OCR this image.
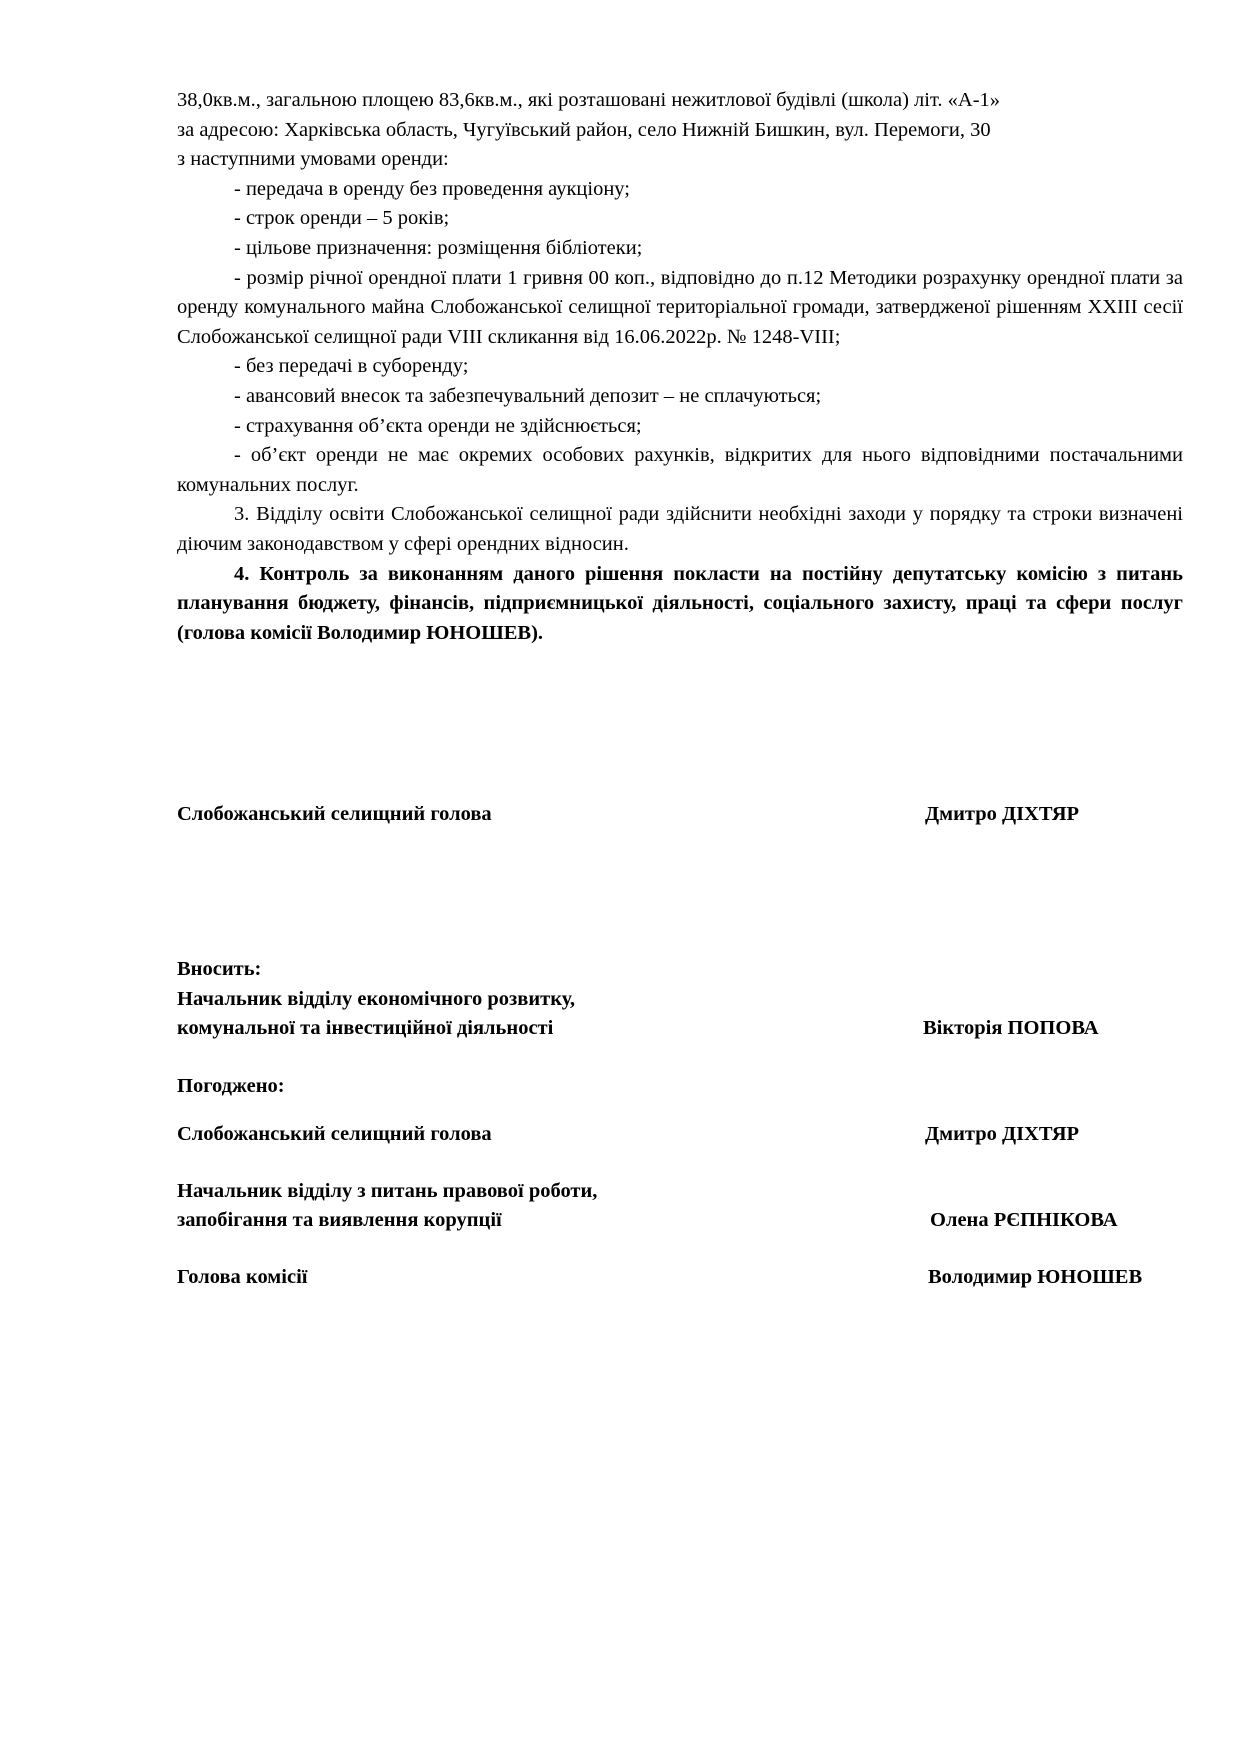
38,0кв.м., загальною площею 83,6кв.м., які розташовані нежитлової будівлі (школа) літ. «А-1»

за адресою: Харківська область, Чугуївський район, село Нижній Бишкин, вул. Перемоги, 30

з наступними умовами оренди:

- передача в оренду без проведення аукціону;

- строк оренди – 5 років;

- цільове призначення: розміщення бібліотеки;

- розмір річної орендної плати 1 гривня 00 коп., відповідно до п.12 Методики розрахунку орендної плати за оренду комунального майна Слобожанської селищної територіальної громади, затвердженої рішенням XXIII сесії Слобожанської селищної ради VIII скликання від 16.06.2022р. № 1248-VIII;

- без передачі в суборенду;

- авансовий внесок та забезпечувальний депозит – не сплачуються;

- страхування об’єкта оренди не здійснюється;

- об’єкт оренди не має окремих особових рахунків, відкритих для нього відповідними постачальними комунальних послуг.

3. Відділу освіти Слобожанської селищної ради здійснити необхідні заходи у порядку та строки визначені діючим законодавством у сфері орендних відносин.

4. Контроль за виконанням даного рішення покласти на постійну депутатську комісію з питань планування бюджету, фінансів, підприємницької діяльності, соціального захисту, праці та сфери послуг (голова комісії Володимир ЮНОШЕВ).

Слобожанський селищний голова	Дмитро ДІХТЯР
Вносить:
Начальник відділу економічного розвитку,
комунальної та інвестиційної діяльності	Вікторія ПОПОВА
Погоджено:
Слобожанський селищний голова	Дмитро ДІХТЯР
Начальник відділу з питань правової роботи,
запобігання та виявлення корупції	Олена РЄПНІКОВА
Голова комісії	Володимир ЮНОШЕВ
